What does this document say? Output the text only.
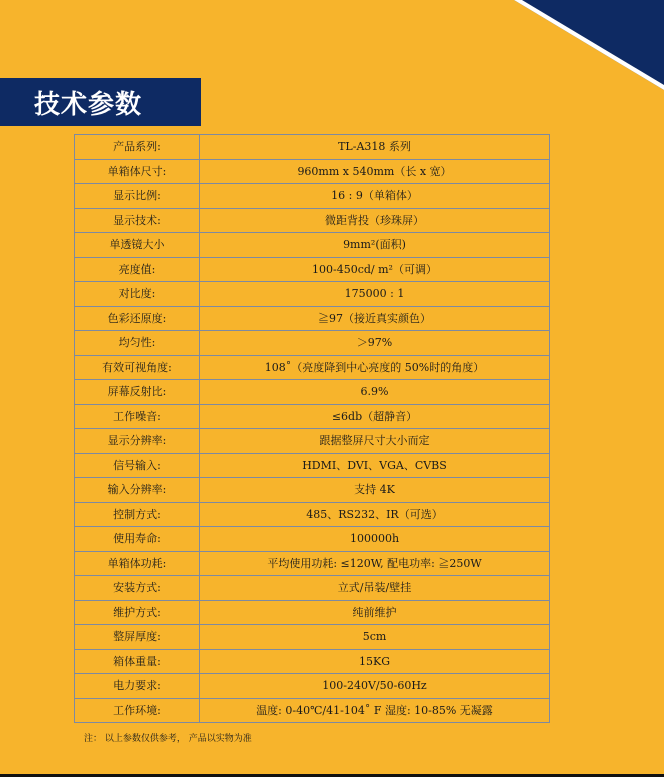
技术参数
产品系列:	TL-A318 系列
单箱体尺寸:	960mm x 540mm（长 x 宽）
显示比例:	16 : 9（单箱体）
显示技术:	微距背投（珍珠屏）
单透镜大小	9mm²(面积)
亮度值:	100-450cd/ m²（可调）
对比度:	175000 : 1
色彩还原度:	≧97（接近真实颜色）
均匀性:	＞97%
有效可视角度:	108˚（亮度降到中心亮度的 50%时的角度）
屏幕反射比:	6.9%
工作噪音:	≤6db（超静音）
显示分辨率:	跟据整屏尺寸大小而定
信号输入:	HDMI、DVI、VGA、CVBS
输入分辨率:	支持 4K
控制方式:	485、RS232、IR（可选）
使用寿命:	100000h
单箱体功耗:	平均使用功耗: ≤120W, 配电功率: ≧250W
安装方式:	立式/吊装/壁挂
维护方式:	纯前维护
整屏厚度:	5cm
箱体重量:	15KG
电力要求:	100-240V/50-60Hz
工作环境:	温度: 0-40℃/41-104˚ F 湿度: 10-85% 无凝露
注： 以上参数仅供参考， 产品以实物为准
